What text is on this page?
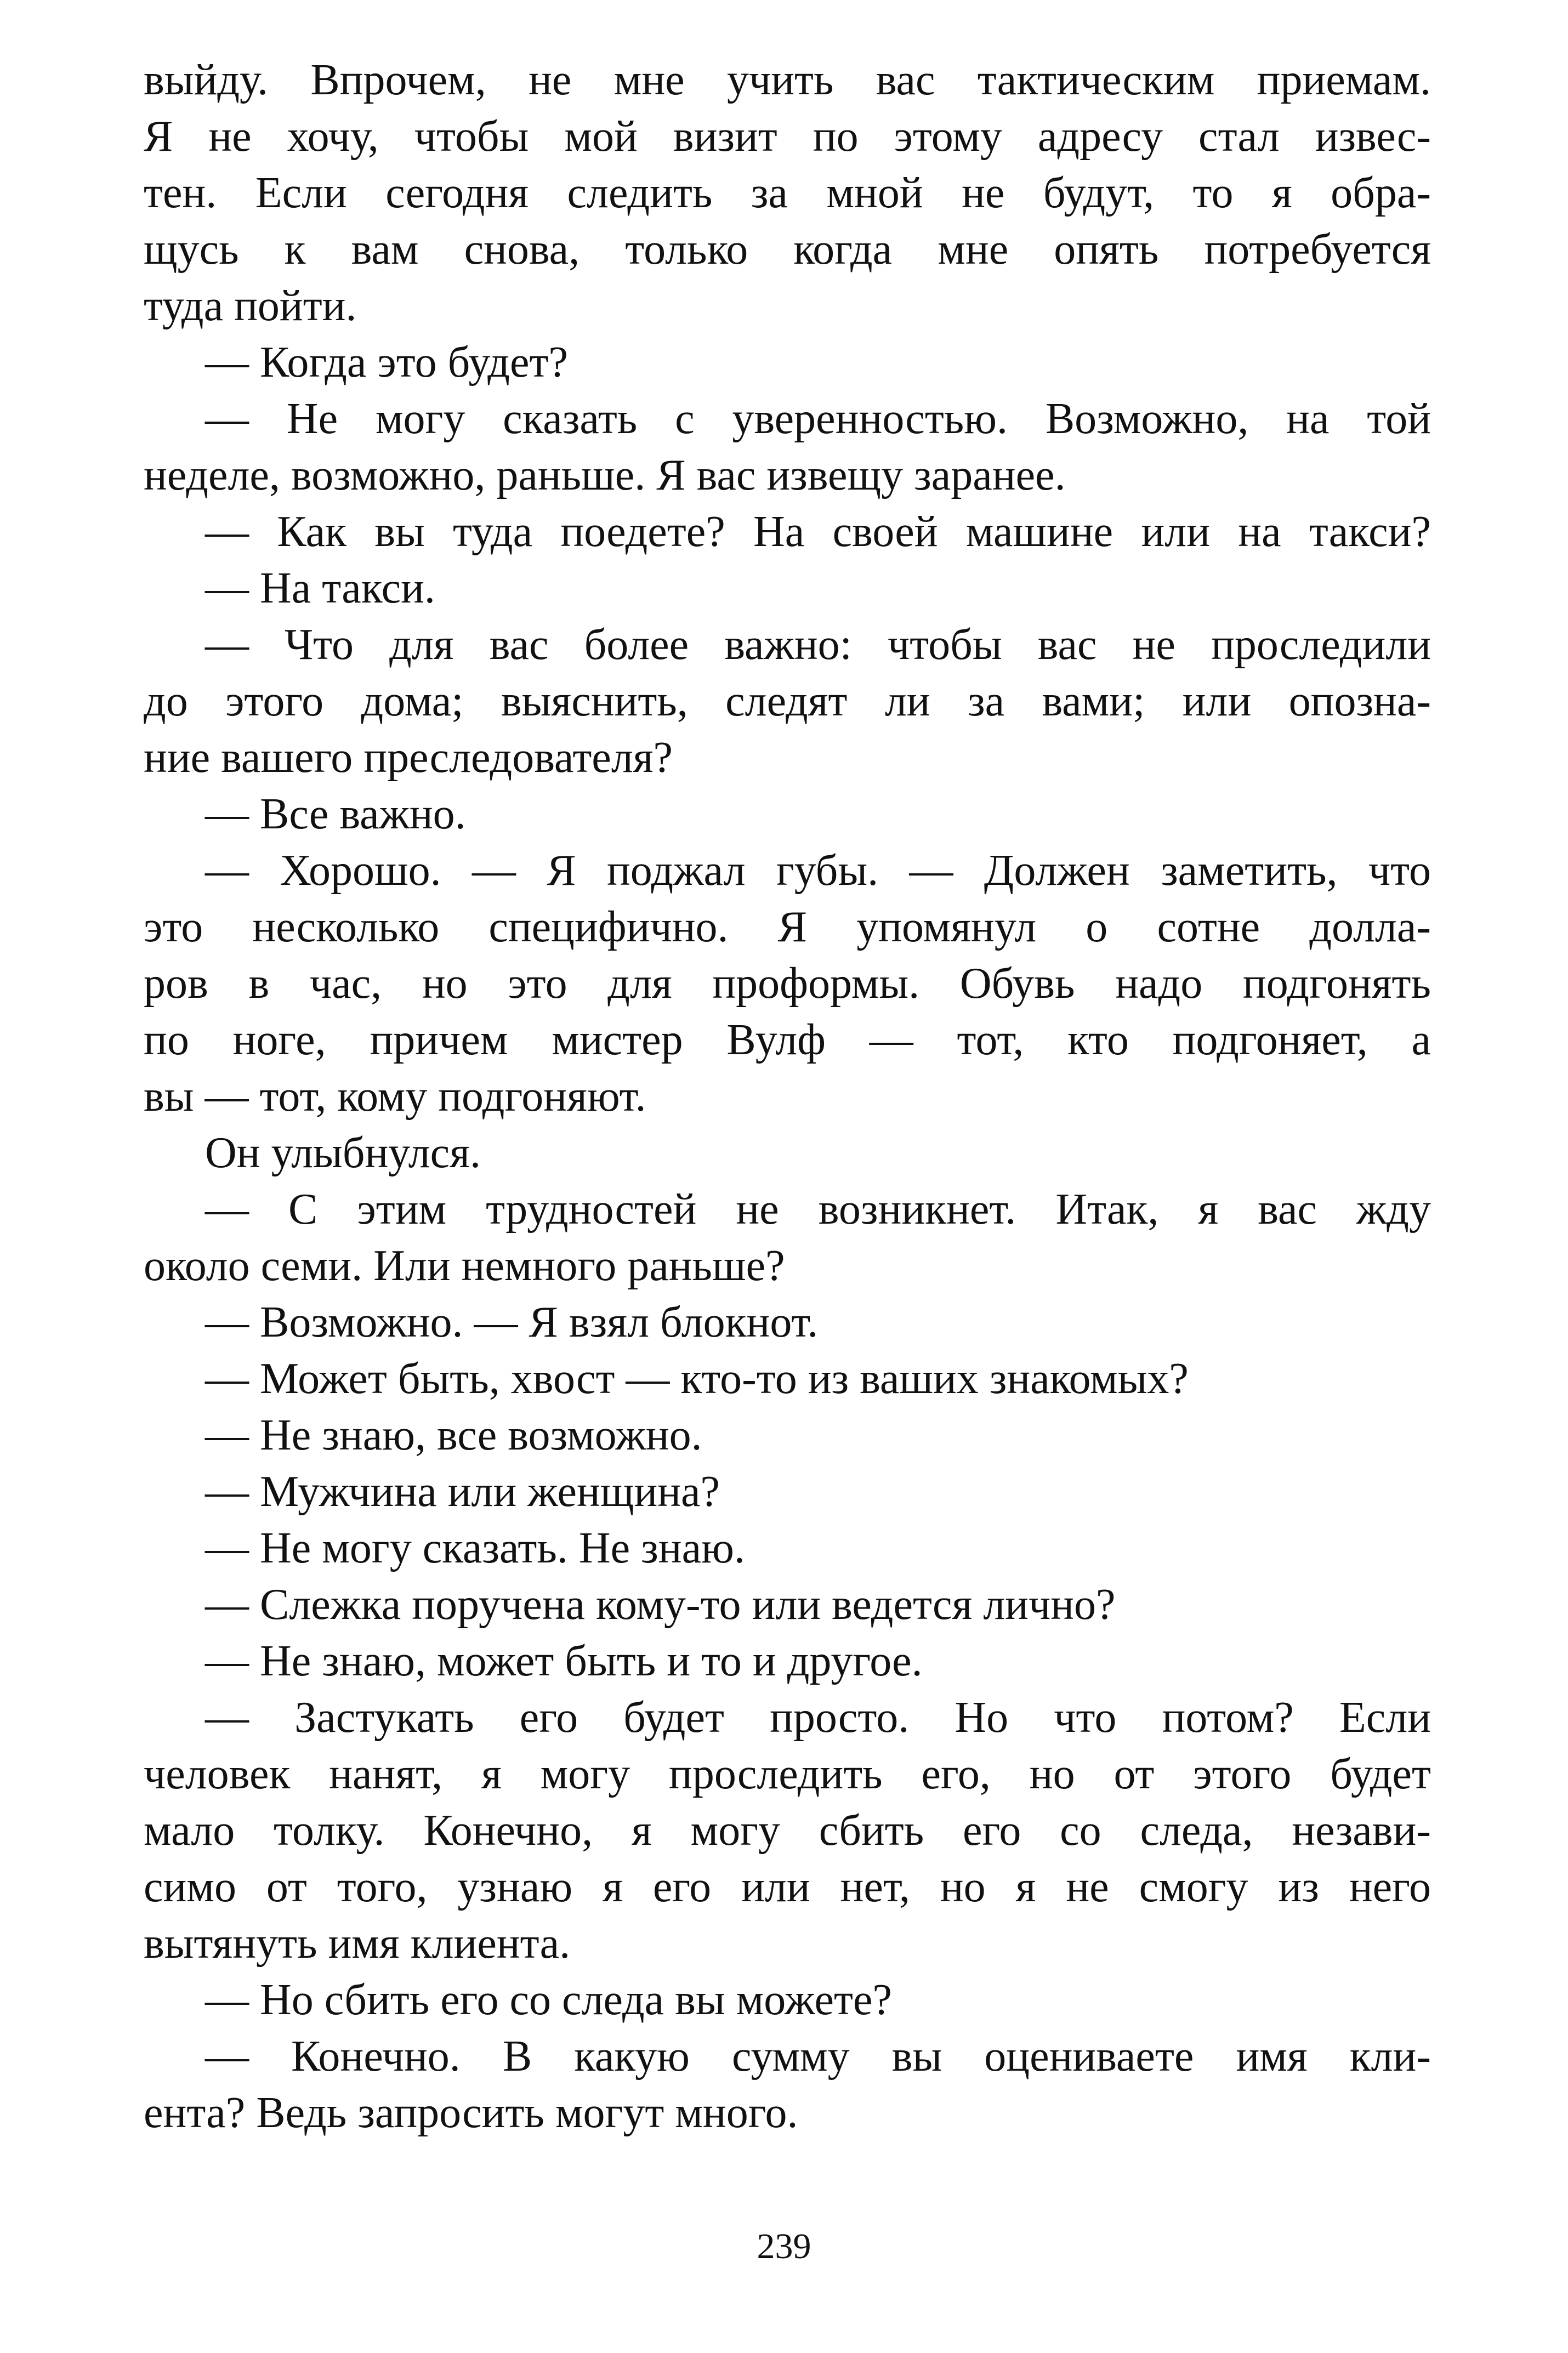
выйду. Впрочем, не мне учить вас тактическим приемам.
Я не хочу, чтобы мой визит по этому адресу стал извес-
тен. Если сегодня следить за мной не будут, то я обра-
щусь к вам снова, только когда мне опять потребуется
туда пойти.
— Когда это будет?
— Не могу сказать с уверенностью. Возможно, на той
неделе, возможно, раньше. Я вас извещу заранее.
— Как вы туда поедете? На своей машине или на такси?
— На такси.
— Что для вас более важно: чтобы вас не проследили
до этого дома; выяснить, следят ли за вами; или опозна-
ние вашего преследователя?
— Все важно.
— Хорошо. — Я поджал губы. — Должен заметить, что
это несколько специфично. Я упомянул о сотне долла-
ров в час, но это для проформы. Обувь надо подгонять
по ноге, причем мистер Вулф — тот, кто подгоняет, а
вы — тот, кому подгоняют.
Он улыбнулся.
— С этим трудностей не возникнет. Итак, я вас жду
около семи. Или немного раньше?
— Возможно. — Я взял блокнот.
— Может быть, хвост — кто-то из ваших знакомых?
— Не знаю, все возможно.
— Мужчина или женщина?
— Не могу сказать. Не знаю.
— Слежка поручена кому-то или ведется лично?
— Не знаю, может быть и то и другое.
— Застукать его будет просто. Но что потом? Если
человек нанят, я могу проследить его, но от этого будет
мало толку. Конечно, я могу сбить его со следа, незави-
симо от того, узнаю я его или нет, но я не смогу из него
вытянуть имя клиента.
— Но сбить его со следа вы можете?
— Конечно. В какую сумму вы оцениваете имя кли-
ента? Ведь запросить могут много.
239
